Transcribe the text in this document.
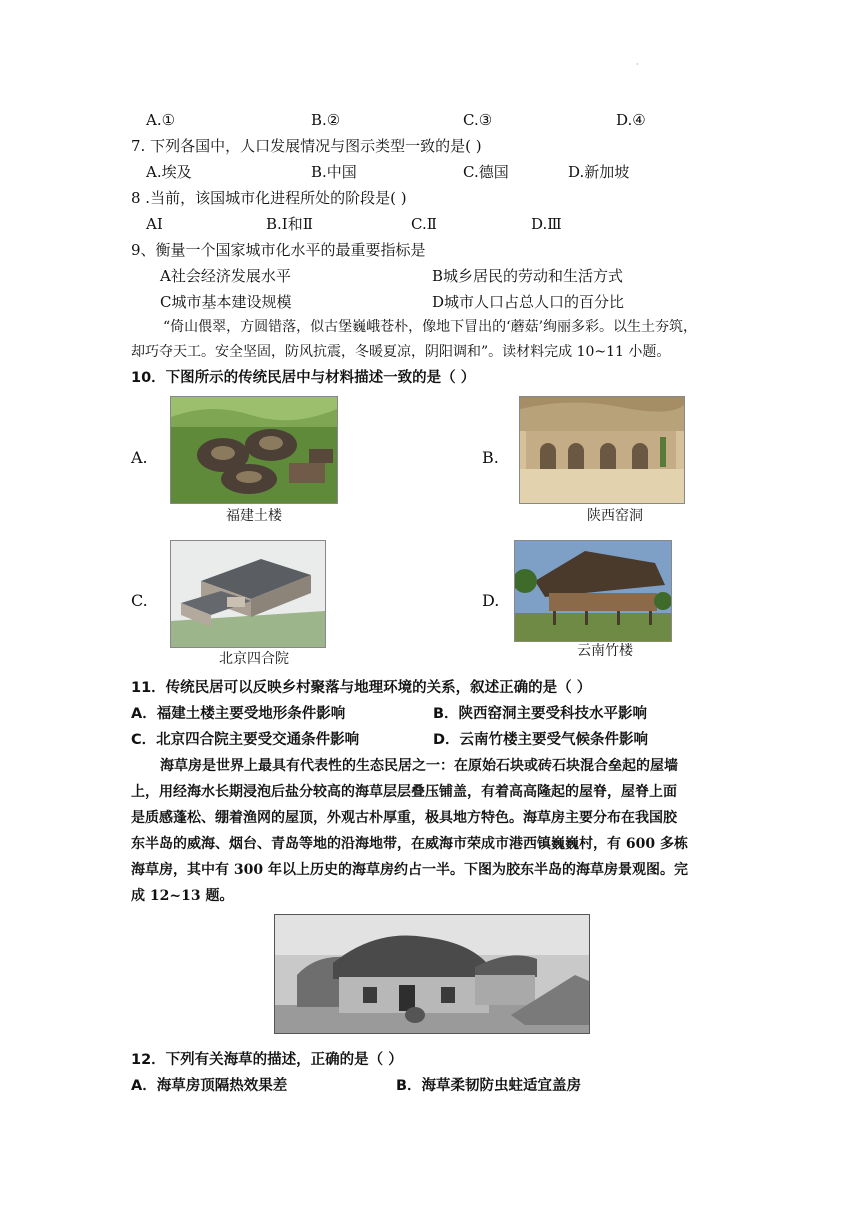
·
A.①	B.②	C.③	D.④
7. 下列各国中，人口发展情况与图示类型一致的是( )
A.埃及	B.中国	C.德国	D.新加坡
8 .当前，该国城市化进程所处的阶段是( )
AⅠ	B.Ⅰ和Ⅱ	C.Ⅱ	D.Ⅲ
9、衡量一个国家城市化水平的最重要指标是
A社会经济发展水平	B城乡居民的劳动和生活方式
C城市基本建设规模	D城市人口占总人口的百分比
“倚山偎翠，方圆错落，似古堡巍峨苍朴，像地下冒出的‘蘑菇’绚丽多彩。以生土夯筑，
却巧夺天工。安全坚固，防风抗震，冬暖夏凉，阴阳调和”。读材料完成 10~11 小题。
10．下图所示的传统民居中与材料描述一致的是（ ）
A.
福建土楼
B.
陕西窑洞
C.
北京四合院
D.
云南竹楼
11．传统民居可以反映乡村聚落与地理环境的关系，叙述正确的是（ ）
A．福建土楼主要受地形条件影响	B．陕西窑洞主要受科技水平影响
C．北京四合院主要受交通条件影响	D．云南竹楼主要受气候条件影响
海草房是世界上最具有代表性的生态民居之一：在原始石块或砖石块混合垒起的屋墙
上，用经海水长期浸泡后盐分较高的海草层层叠压铺盖，有着高高隆起的屋脊，屋脊上面
是质感蓬松、绷着渔网的屋顶，外观古朴厚重，极具地方特色。海草房主要分布在我国胶
东半岛的威海、烟台、青岛等地的沿海地带，在威海市荣成市港西镇巍巍村，有 600 多栋
海草房，其中有 300 年以上历史的海草房约占一半。下图为胶东半岛的海草房景观图。完
成 12~13 题。
12．下列有关海草的描述，正确的是（ ）
A．海草房顶隔热效果差	B．海草柔韧防虫蛀适宜盖房
